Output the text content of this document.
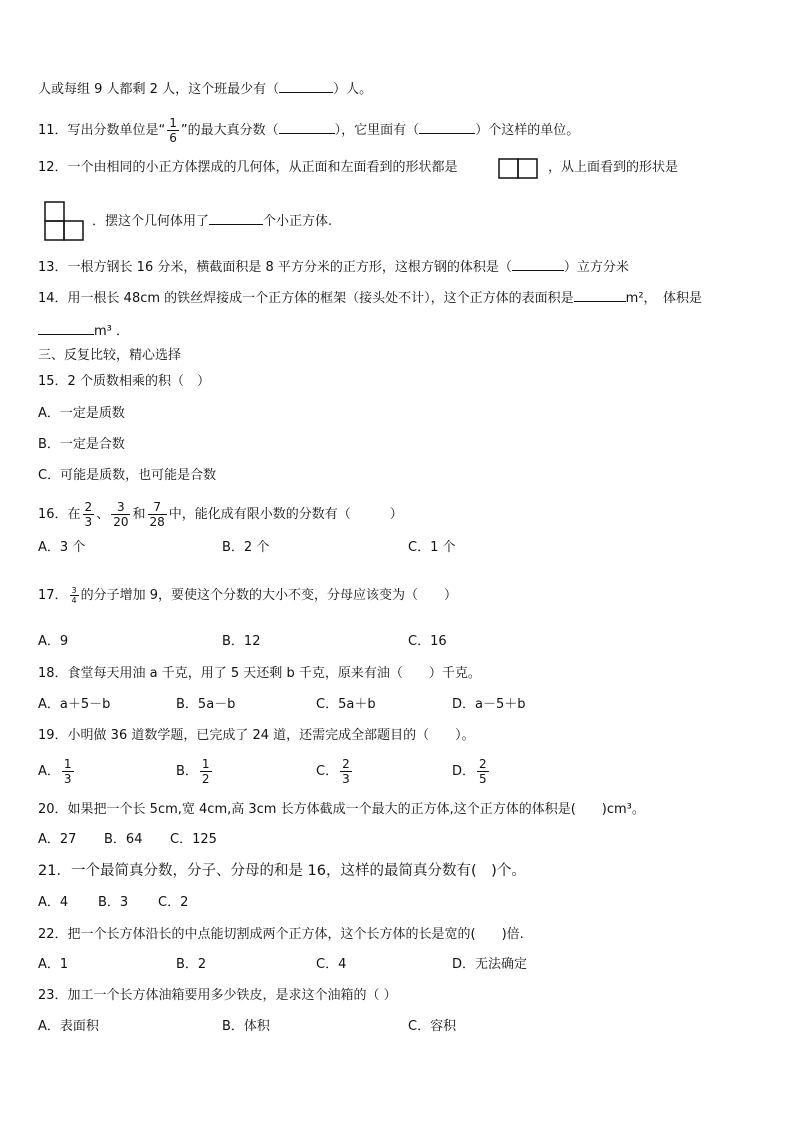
人或每组 9 人都剩 2 人，这个班最少有（	）人。
11．写出分数单位是“ $\frac{1}{6}$ ”的最大真分数（	），它里面有（	）个这样的单位。
12．一个由相同的小正方体摆成的几何体，从正面和左面看到的形状都是	，从上面看到的形状是
．摆这个几何体用了	个小正方体.
13．一根方钢长 16 分米，横截面积是 8 平方分米的正方形，这根方钢的体积是（	）立方分米
14．用一根长 48cm 的铁丝焊接成一个正方体的框架（接头处不计），这个正方体的表面积是	m²，　体积是
m³ ．
三、反复比较，精心选择
15．2 个质数相乘的积（　）
A．一定是质数
B．一定是合数
C．可能是质数，也可能是合数
16．在 $\frac{2}{3}$ 、 $\frac{3}{20}$ 和 $\frac{7}{28}$ 中，能化成有限小数的分数有（　　　）
A．3 个	B．2 个	C．1 个
17． $\frac{3}{4}$ 的分子增加 9，要使这个分数的大小不变，分母应该变为（　　）
A．9	B．12	C．16
18．食堂每天用油 a 千克，用了 5 天还剩 b 千克，原来有油（　　）千克。
A．a＋5－b	B．5a－b	C．5a＋b	D．a－5＋b
19．小明做 36 道数学题，已完成了 24 道，还需完成全部题目的（　　）。
A． $\frac{1}{3}$	B． $\frac{1}{2}$	C． $\frac{2}{3}$	D． $\frac{2}{5}$
20．如果把一个长 5cm,宽 4cm,高 3cm 长方体截成一个最大的正方体,这个正方体的体积是(　　)cm³。
A．27 B．64 C．125
21．一个最简真分数，分子、分母的和是 16，这样的最简真分数有(　)个。
A．4 B．3 C．2
22．把一个长方体沿长的中点能切割成两个正方体，这个长方体的长是宽的(　　)倍.
A．1	B．2	C．4	D．无法确定
23．加工一个长方体油箱要用多少铁皮，是求这个油箱的（ ）
A．表面积	B．体积	C．容积
